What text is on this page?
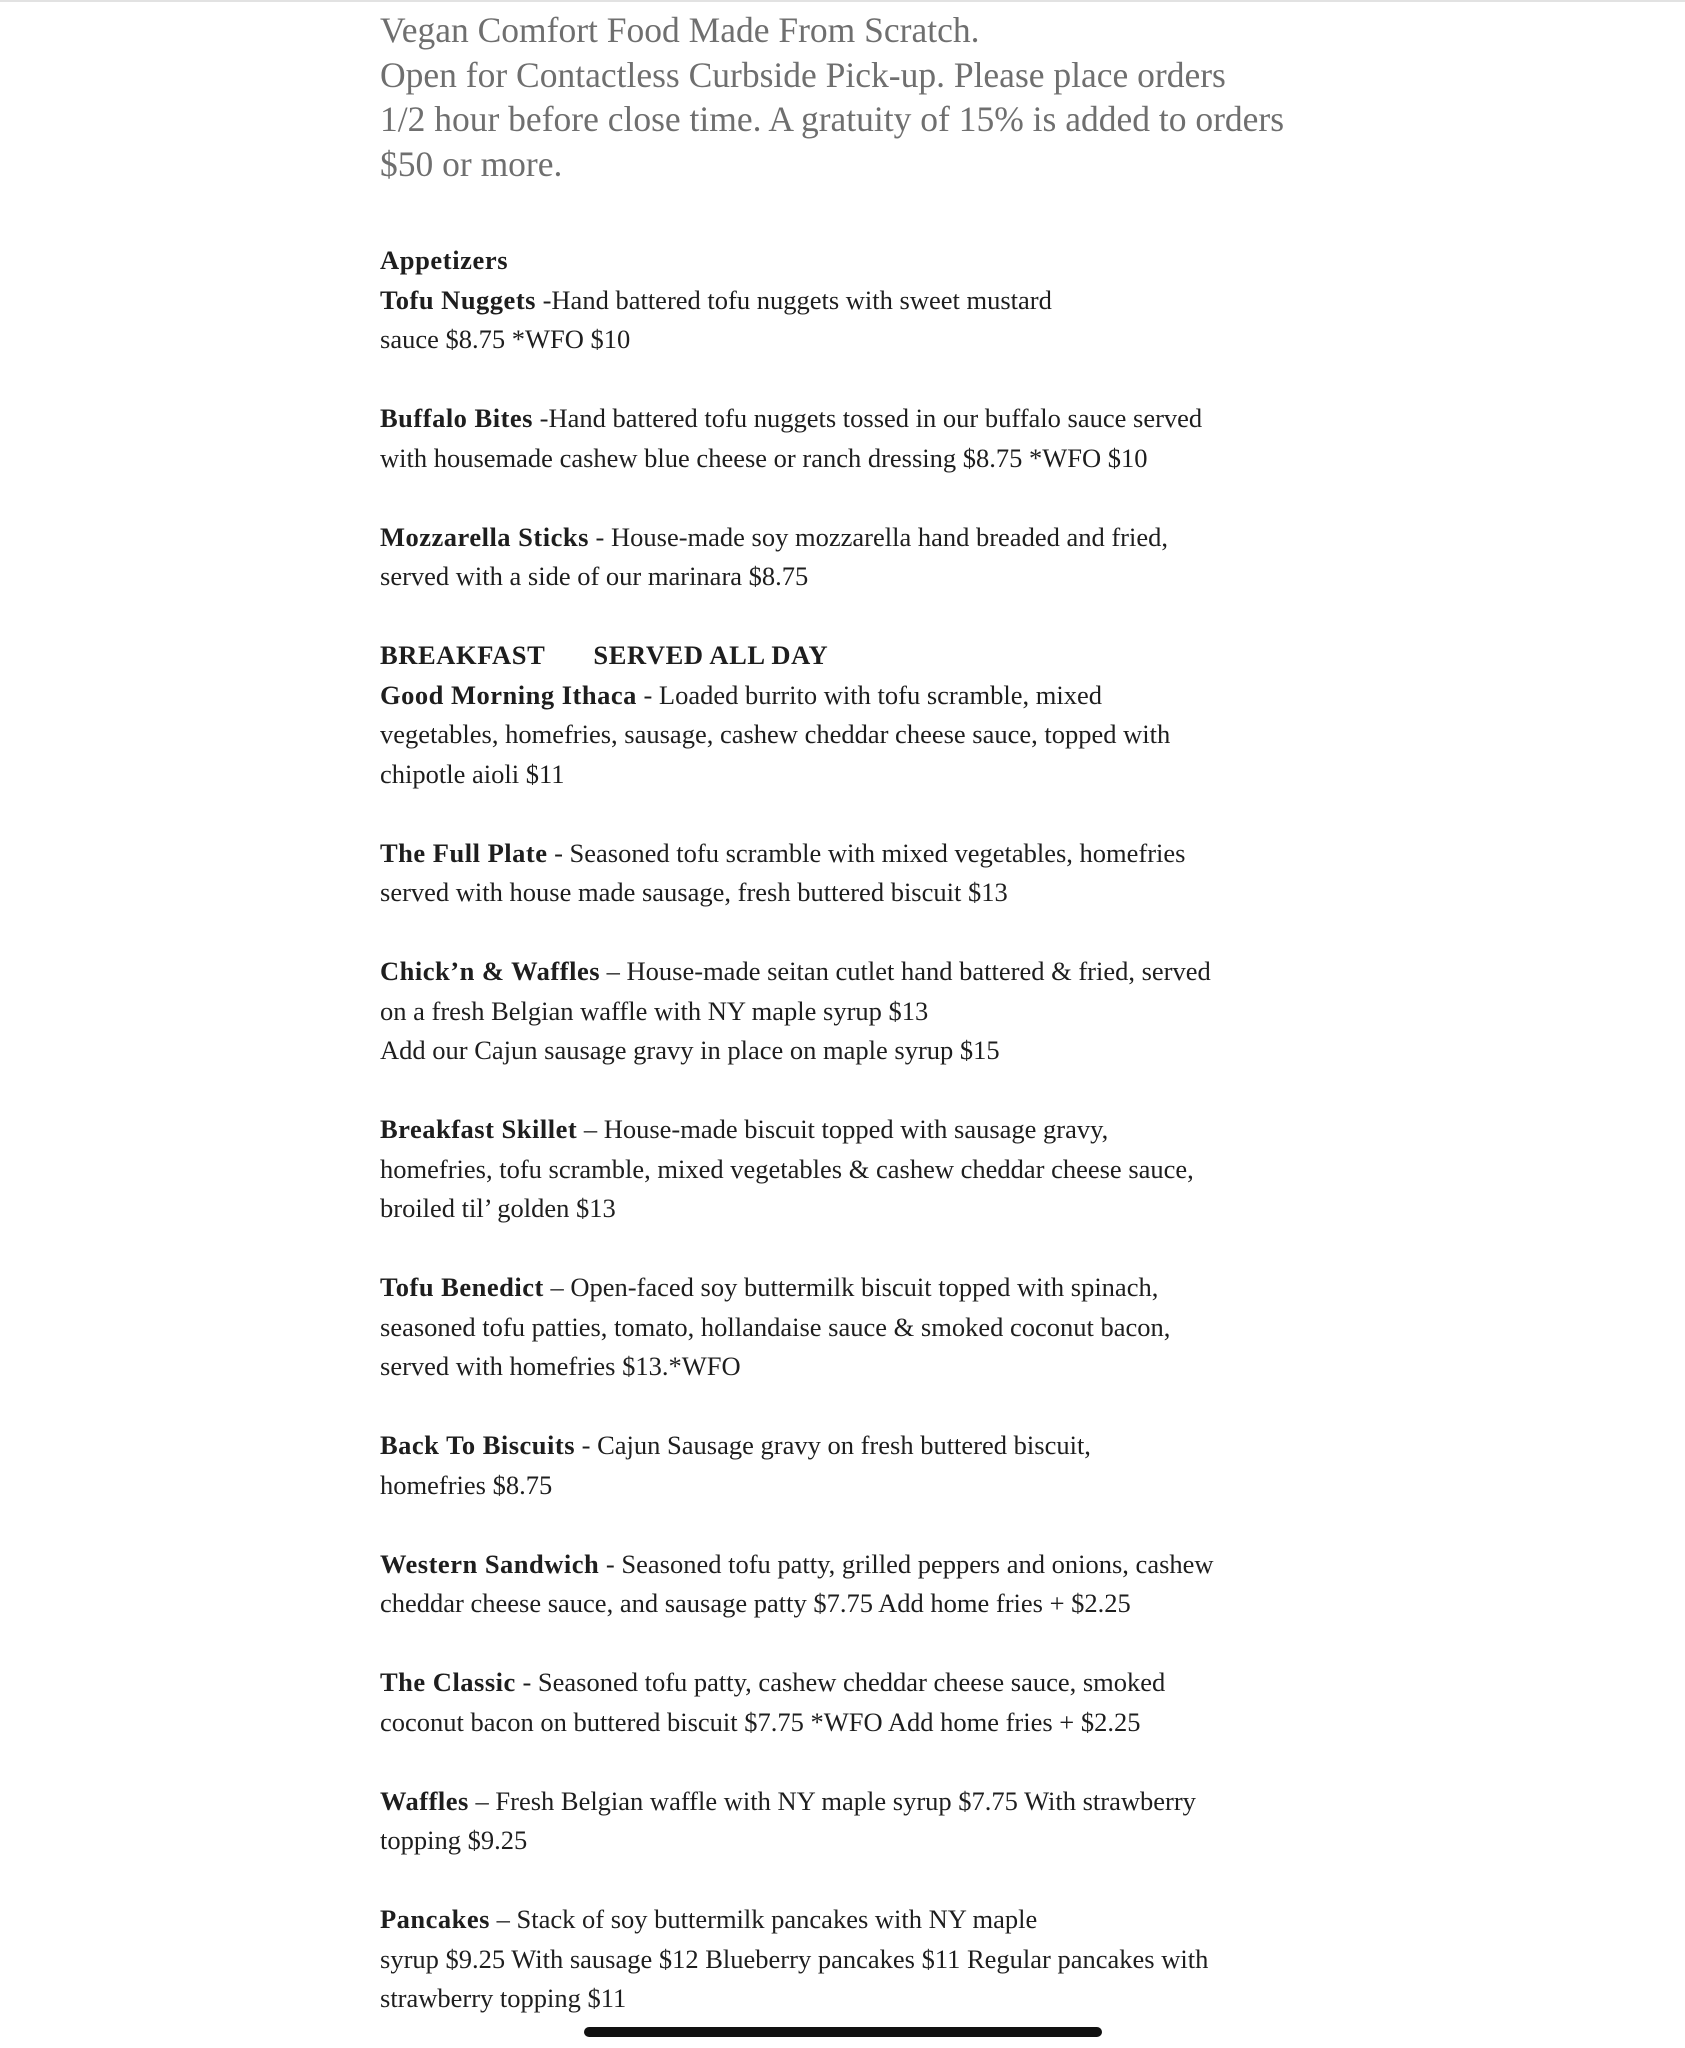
Vegan Comfort Food Made From Scratch.
Open for Contactless Curbside Pick-up. Please place orders
1/2 hour before close time. A gratuity of 15% is added to orders
$50 or more.
Appetizers
Tofu Nuggets -Hand battered tofu nuggets with sweet mustard
sauce $8.75 *WFO $10
Buffalo Bites -Hand battered tofu nuggets tossed in our buffalo sauce served
with housemade cashew blue cheese or ranch dressing $8.75 *WFO $10
Mozzarella Sticks - House-made soy mozzarella hand breaded and fried,
served with a side of our marinara $8.75
BREAKFAST SERVED ALL DAY
Good Morning Ithaca - Loaded burrito with tofu scramble, mixed
vegetables, homefries, sausage, cashew cheddar cheese sauce, topped with
chipotle aioli $11
The Full Plate - Seasoned tofu scramble with mixed vegetables, homefries
served with house made sausage, fresh buttered biscuit $13
Chick’n & Waffles – House-made seitan cutlet hand battered & fried, served
on a fresh Belgian waffle with NY maple syrup $13
Add our Cajun sausage gravy in place on maple syrup $15
Breakfast Skillet – House-made biscuit topped with sausage gravy,
homefries, tofu scramble, mixed vegetables & cashew cheddar cheese sauce,
broiled til’ golden $13
Tofu Benedict – Open-faced soy buttermilk biscuit topped with spinach,
seasoned tofu patties, tomato, hollandaise sauce & smoked coconut bacon,
served with homefries $13.*WFO
Back To Biscuits - Cajun Sausage gravy on fresh buttered biscuit,
homefries $8.75
Western Sandwich - Seasoned tofu patty, grilled peppers and onions, cashew
cheddar cheese sauce, and sausage patty $7.75 Add home fries + $2.25
The Classic - Seasoned tofu patty, cashew cheddar cheese sauce, smoked
coconut bacon on buttered biscuit $7.75 *WFO Add home fries + $2.25
Waffles – Fresh Belgian waffle with NY maple syrup $7.75 With strawberry
topping $9.25
Pancakes – Stack of soy buttermilk pancakes with NY maple
syrup $9.25 With sausage $12 Blueberry pancakes $11 Regular pancakes with
strawberry topping $11
